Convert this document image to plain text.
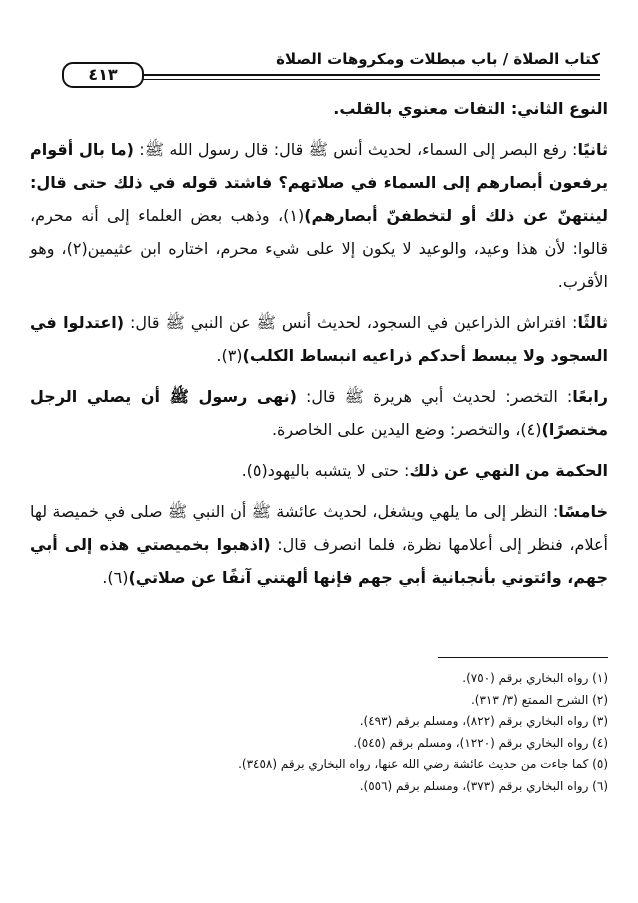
كتاب الصلاة / باب مبطلات ومكروهات الصلاة
٤١٣

النوع الثاني: التفات معنوي بالقلب.

ثانيًا: رفع البصر إلى السماء، لحديث أنس ﷺ قال: قال رسول الله ﷺ: (ما بال أقوام يرفعون أبصارهم إلى السماء في صلاتهم؟ فاشتد قوله في ذلك حتى قال: لينتهنّ عن ذلك أو لتخطفنّ أبصارهم)(١)، وذهب بعض العلماء إلى أنه محرم، قالوا: لأن هذا وعيد، والوعيد لا يكون إلا على شيء محرم، اختاره ابن عثيمين(٢)، وهو الأقرب.

ثالثًا: افتراش الذراعين في السجود، لحديث أنس ﷺ عن النبي ﷺ قال: (اعتدلوا في السجود ولا يبسط أحدكم ذراعيه انبساط الكلب)(٣).

رابعًا: التخصر: لحديث أبي هريرة ﷺ قال: (نهى رسول ﷺ أن يصلي الرجل مختصرًا)(٤)، والتخصر: وضع اليدين على الخاصرة.

الحكمة من النهي عن ذلك: حتى لا يتشبه باليهود(٥).

خامسًا: النظر إلى ما يلهي ويشغل، لحديث عائشة ﷺ أن النبي ﷺ صلى في خميصة لها أعلام، فنظر إلى أعلامها نظرة، فلما انصرف قال: (اذهبوا بخميصتي هذه إلى أبي جهم، وائتوني بأنجبانية أبي جهم فإنها ألهتني آنفًا عن صلاتي)(٦).

(١) رواه البخاري برقم (٧٥٠).
(٢) الشرح الممتع (٣/ ٣١٣).
(٣) رواه البخاري برقم (٨٢٢)، ومسلم برقم (٤٩٣).
(٤) رواه البخاري برقم (١٢٢٠)، ومسلم برقم (٥٤٥).
(٥) كما جاءت من حديث عائشة رضي الله عنها، رواه البخاري برقم (٣٤٥٨).
(٦) رواه البخاري برقم (٣٧٣)، ومسلم برقم (٥٥٦).
